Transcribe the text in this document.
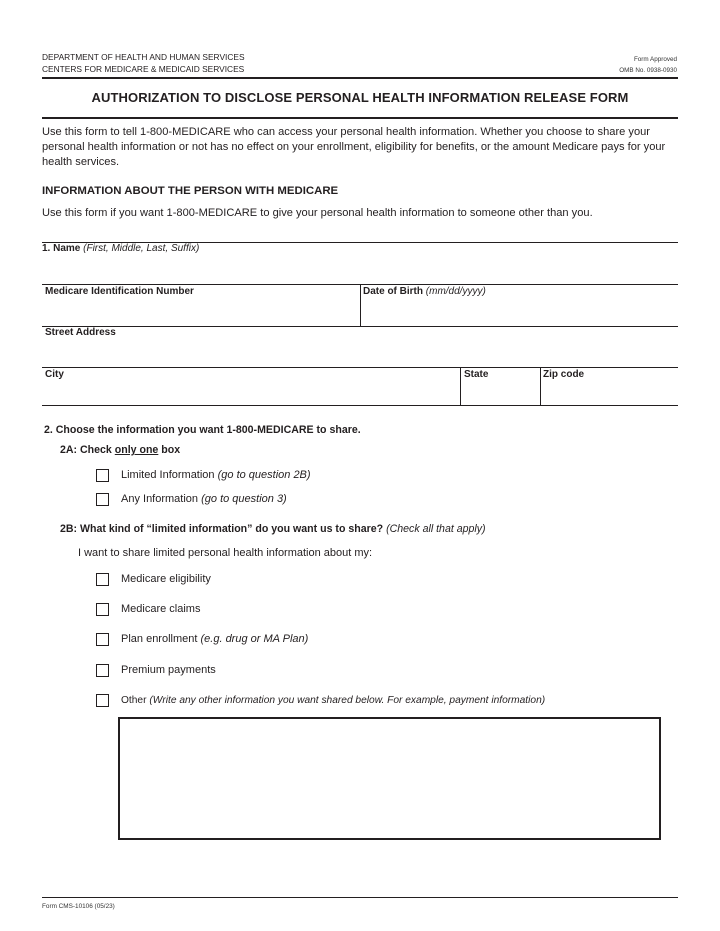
DEPARTMENT OF HEALTH AND HUMAN SERVICES
CENTERS FOR MEDICARE & MEDICAID SERVICES
Form Approved
OMB No. 0938-0930
AUTHORIZATION TO DISCLOSE PERSONAL HEALTH INFORMATION RELEASE FORM
Use this form to tell 1-800-MEDICARE who can access your personal health information. Whether you choose to share your personal health information or not has no effect on your enrollment, eligibility for benefits, or the amount Medicare pays for your health services.
INFORMATION ABOUT THE PERSON WITH MEDICARE
Use this form if you want 1-800-MEDICARE to give your personal health information to someone other than you.
1. Name (First, Middle, Last, Suffix)
Medicare Identification Number	Date of Birth (mm/dd/yyyy)
Street Address
City	State	Zip code
2. Choose the information you want 1-800-MEDICARE to share.
2A: Check only one box
Limited Information (go to question 2B)
Any Information (go to question 3)
2B: What kind of “limited information” do you want us to share? (Check all that apply)
I want to share limited personal health information about my:
Medicare eligibility
Medicare claims
Plan enrollment (e.g. drug or MA Plan)
Premium payments
Other (Write any other information you want shared below. For example, payment information)
Form CMS-10106 (05/23)
